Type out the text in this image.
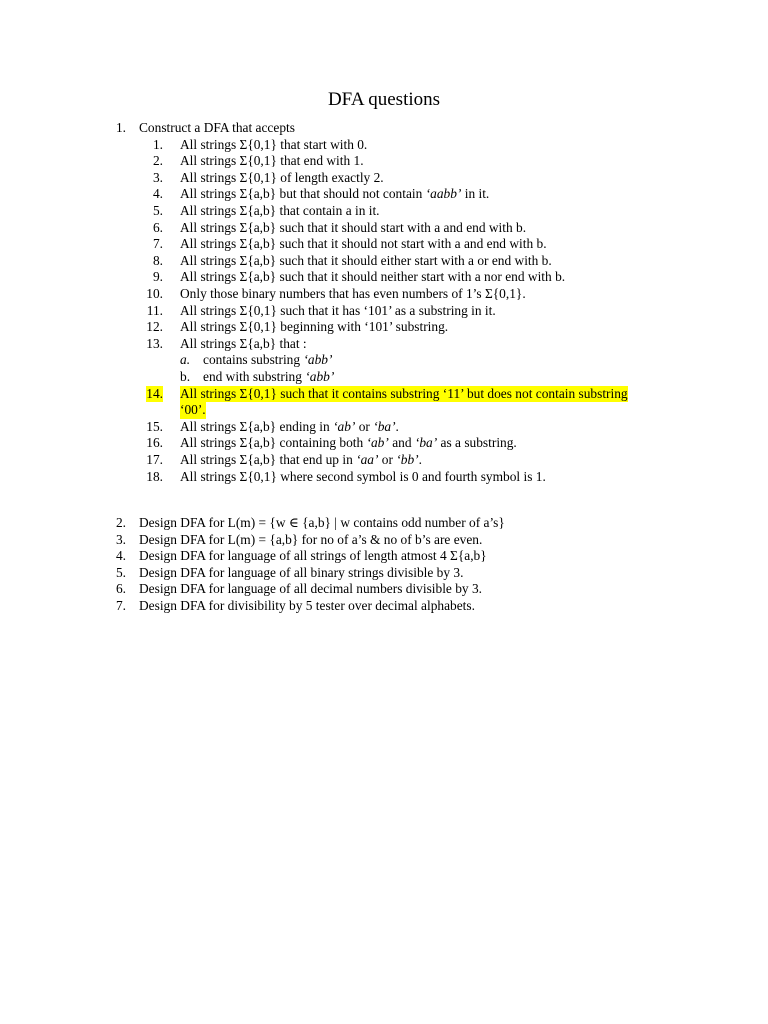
DFA questions
1. Construct a DFA that accepts
1. All strings Σ{0,1} that start with 0.
2. All strings Σ{0,1} that end with 1.
3. All strings Σ{0,1} of length exactly 2.
4. All strings Σ{a,b} but that should not contain ‘aabb’ in it.
5. All strings Σ{a,b} that contain a in it.
6. All strings Σ{a,b} such that it should start with a and end with b.
7. All strings Σ{a,b} such that it should not start with a and end with b.
8. All strings Σ{a,b} such that it should either start with a or end with b.
9. All strings Σ{a,b} such that it should neither start with a nor end with b.
10. Only those binary numbers that has even numbers of 1’s Σ{0,1}.
11. All strings Σ{0,1} such that it has ‘101’ as a substring in it.
12. All strings Σ{0,1} beginning with ‘101’ substring.
13. All strings Σ{a,b} that :
a. contains substring ‘abb’
b. end with substring ‘abb’
14. All strings Σ{0,1} such that it contains substring ‘11’ but does not contain substring
‘00’.
15. All strings Σ{a,b} ending in ‘ab’ or ‘ba’.
16. All strings Σ{a,b} containing both ‘ab’ and ‘ba’ as a substring.
17. All strings Σ{a,b} that end up in ‘aa’ or ‘bb’.
18. All strings Σ{0,1} where second symbol is 0 and fourth symbol is 1.
2. Design DFA for L(m) = {w ∈ {a,b} | w contains odd number of a’s}
3. Design DFA for L(m) = {a,b} for no of a’s & no of b’s are even.
4. Design DFA for language of all strings of length atmost 4 Σ{a,b}
5. Design DFA for language of all binary strings divisible by 3.
6. Design DFA for language of all decimal numbers divisible by 3.
7. Design DFA for divisibility by 5 tester over decimal alphabets.
